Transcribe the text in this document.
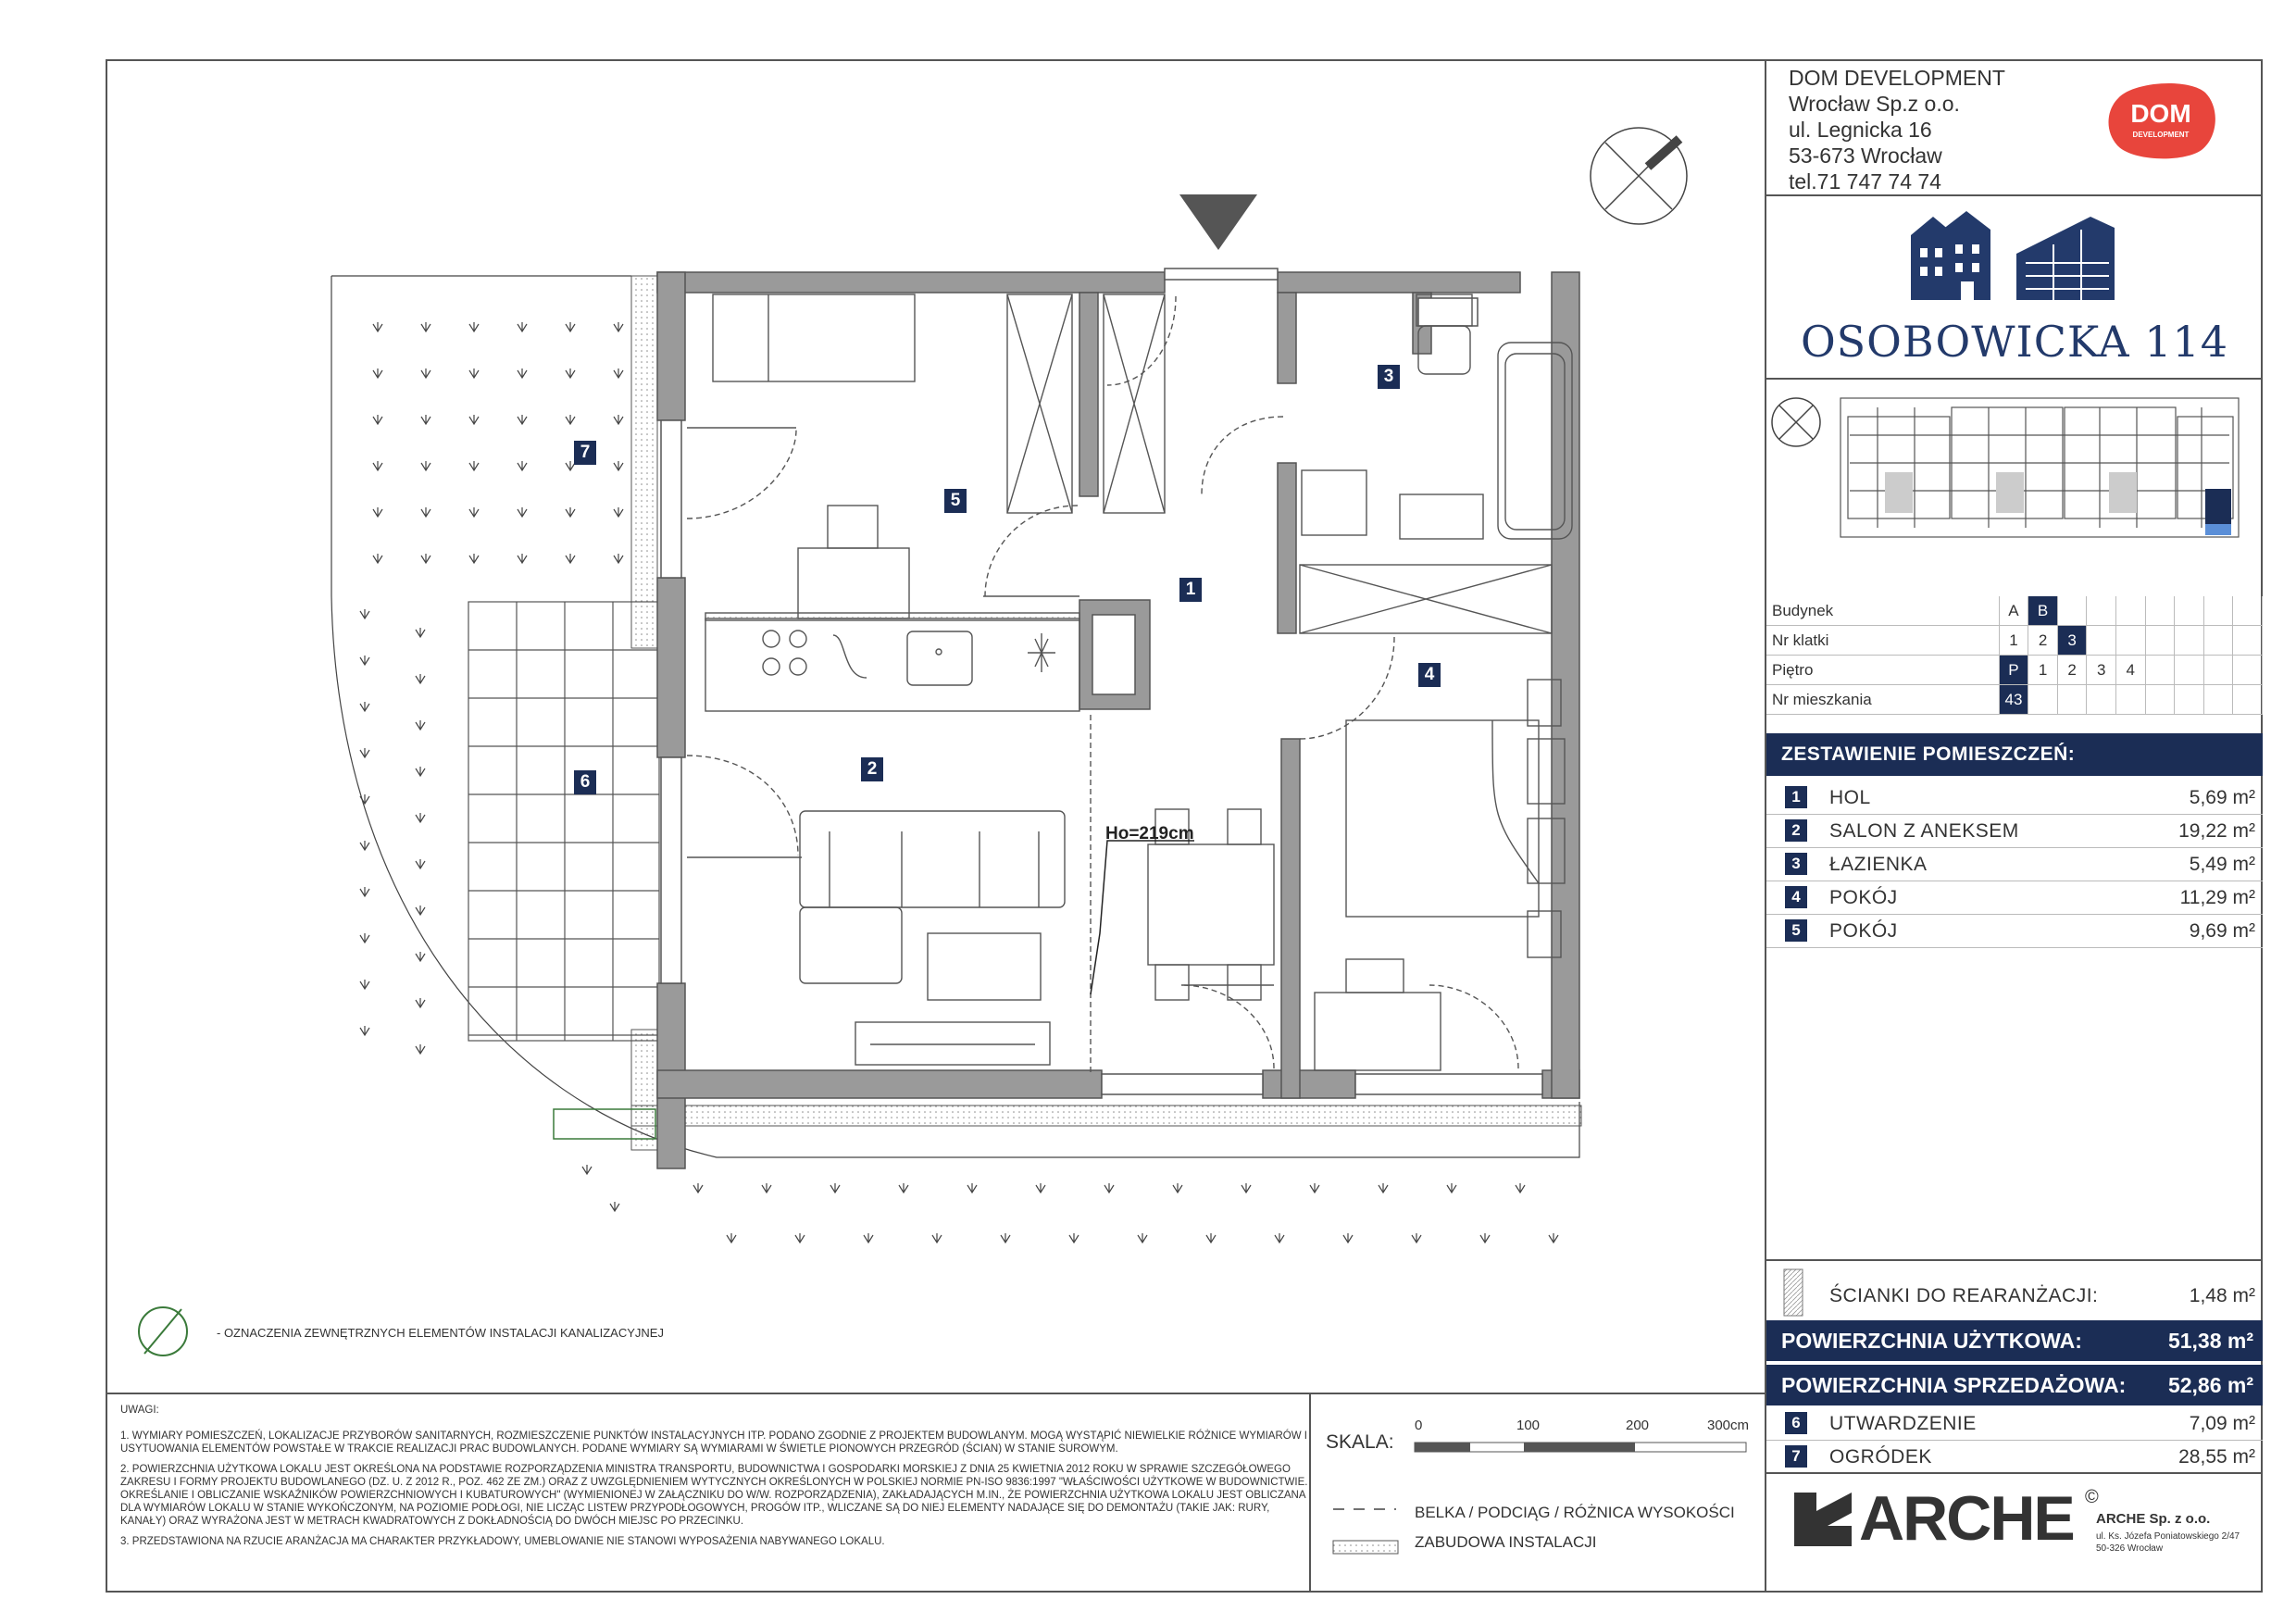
Ho=219cm
- OZNACZENIA ZEWNĘTRZNYCH ELEMENTÓW INSTALACJI KANALIZACYJNEJ
1
2
3
4
5
6
7
DOM DEVELOPMENT
Wrocław Sp.z o.o.
ul. Legnicka 16
53-673 Wrocław
tel.71 747 74 74
DOM
DEVELOPMENT
OSOBOWICKA 114
Budynek	A	B							
Nr klatki	1	2	3						
Piętro	P	1	2	3	4				
Nr mieszkania	43								
ZESTAWIENIE POMIESZCZEŃ:
1	HOL	5,69 m²
2	SALON Z ANEKSEM	19,22 m²
3	ŁAZIENKA	5,49 m²
4	POKÓJ	11,29 m²
5	POKÓJ	9,69 m²
ŚCIANKI DO REARANŻACJI:	1,48 m²
POWIERZCHNIA UŻYTKOWA:	51,38 m²
POWIERZCHNIA SPRZEDAŻOWA: 52,86 m²
6	UTWARDZENIE	7,09 m²
7	OGRÓDEK	28,55 m²
ARCHE ©
ARCHE Sp. z o.o.
ul. Ks. Józefa Poniatowskiego 2/47
50-326 Wrocław

UWAGI:

1. WYMIARY POMIESZCZEŃ, LOKALIZACJE PRZYBORÓW SANITARNYCH, ROZMIESZCZENIE PUNKTÓW INSTALACYJNYCH ITP. PODANO ZGODNIE Z PROJEKTEM BUDOWLANYM. MOGĄ WYSTĄPIĆ NIEWIELKIE RÓŻNICE WYMIARÓW I USYTUOWANIA ELEMENTÓW POWSTAŁE W TRAKCIE REALIZACJI PRAC BUDOWLANYCH. PODANE WYMIARY SĄ WYMIARAMI W ŚWIETLE PIONOWYCH PRZEGRÓD (ŚCIAN) W STANIE SUROWYM.

2. POWIERZCHNIA UŻYTKOWA LOKALU JEST OKREŚLONA NA PODSTAWIE ROZPORZĄDZENIA MINISTRA TRANSPORTU, BUDOWNICTWA I GOSPODARKI MORSKIEJ Z DNIA 25 KWIETNIA 2012 ROKU W SPRAWIE SZCZEGÓŁOWEGO ZAKRESU I FORMY PROJEKTU BUDOWLANEGO (DZ. U. Z 2012 R., POZ. 462 ZE ZM.) ORAZ Z UWZGLĘDNIENIEM WYTYCZNYCH OKREŚLONYCH W POLSKIEJ NORMIE PN-ISO 9836:1997 "WŁAŚCIWOŚCI UŻYTKOWE W BUDOWNICTWIE. OKREŚLANIE I OBLICZANIE WSKAŹNIKÓW POWIERZCHNIOWYCH I KUBATUROWYCH" (WYMIENIONEJ W ZAŁĄCZNIKU DO W/W. ROZPORZĄDZENIA), ZAKŁADAJĄCYCH M.IN., ŻE POWIERZCHNIA UŻYTKOWA LOKALU JEST OBLICZANA DLA WYMIARÓW LOKALU W STANIE WYKOŃCZONYM, NA POZIOMIE PODŁOGI, NIE LICZĄC LISTEW PRZYPODŁOGOWYCH, PROGÓW ITP., WLICZANE SĄ DO NIEJ ELEMENTY NADAJĄCE SIĘ DO DEMONTAŻU (TAKIE JAK: RURY, KANAŁY) ORAZ WYRAŻONA JEST W METRACH KWADRATOWYCH Z DOKŁADNOŚCIĄ DO DWÓCH MIEJSC PO PRZECINKU.

3. PRZEDSTAWIONA NA RZUCIE ARANŻACJA MA CHARAKTER PRZYKŁADOWY, UMEBLOWANIE NIE STANOWI WYPOSAŻENIA NABYWANEGO LOKALU.

SKALA:
0	100	200	300cm
BELKA / PODCIĄG / RÓŻNICA WYSOKOŚCI
ZABUDOWA INSTALACJI
